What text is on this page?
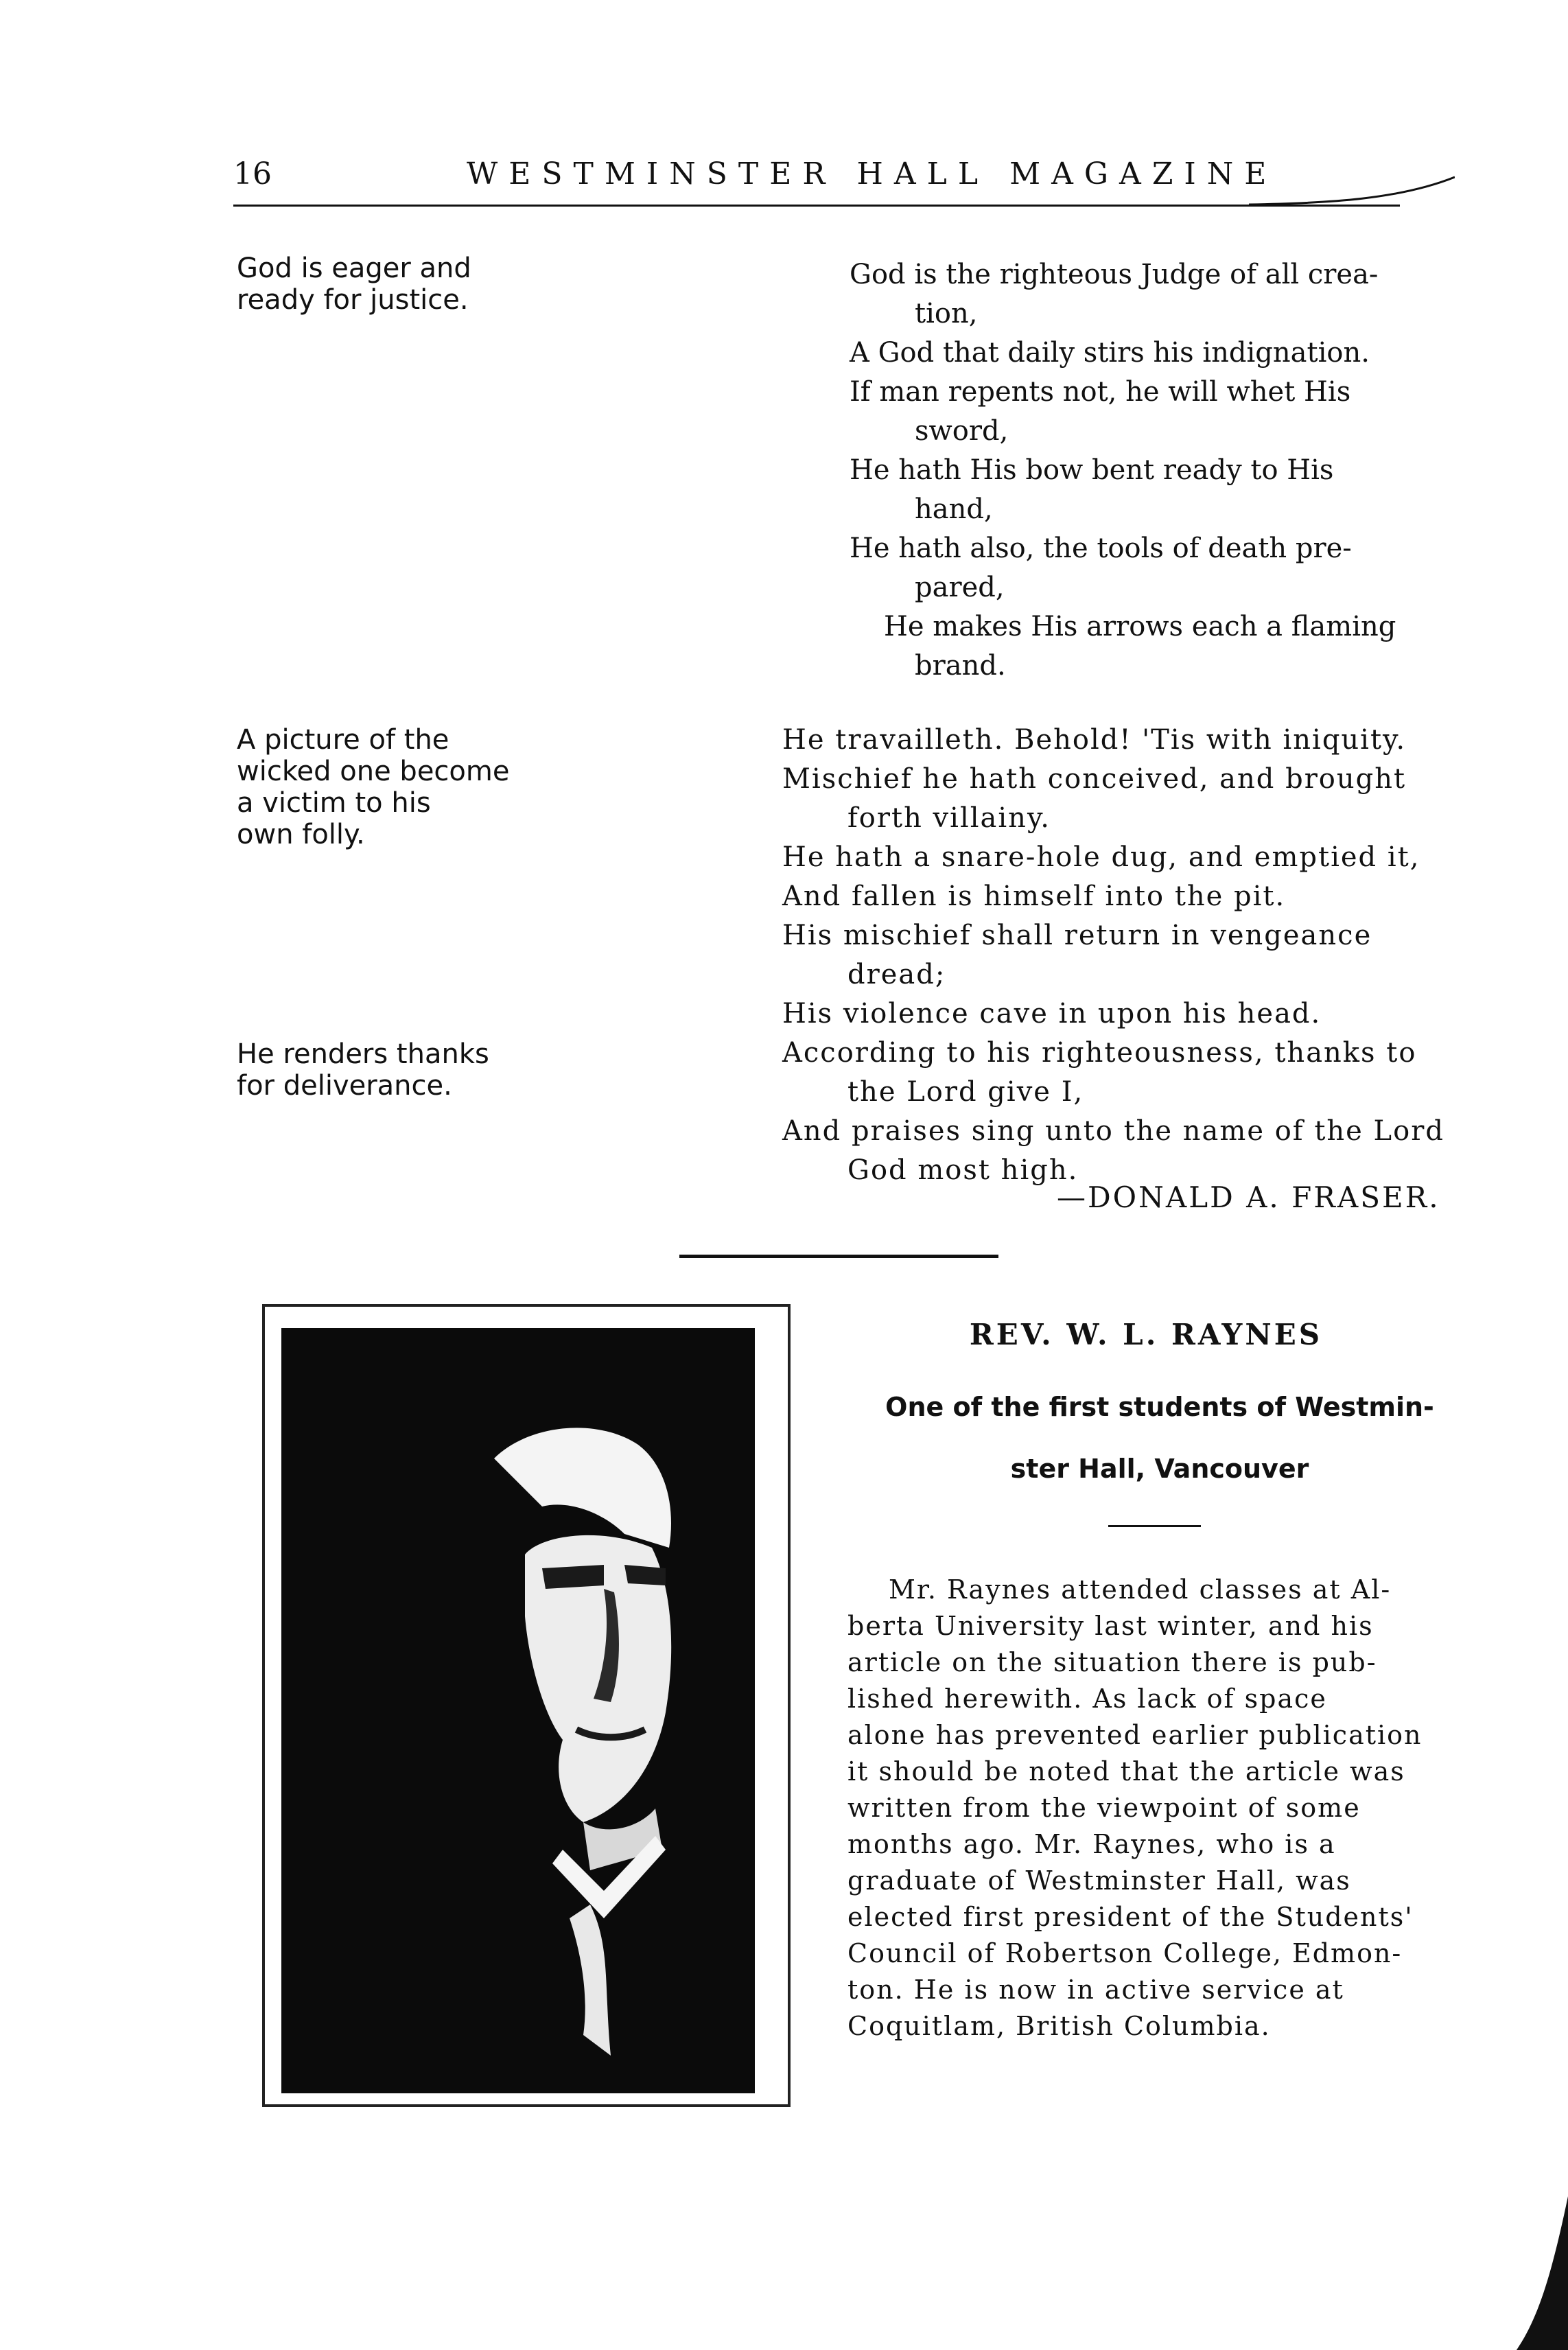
16	WESTMINSTER HALL MAGAZINE
God is eager and
ready for justice.
A picture of the
wicked one become
a victim to his
own folly.
He renders thanks
for deliverance.
God is the righteous Judge of all crea-
tion,
A God that daily stirs his indignation.
If man repents not, he will whet His
sword,
He hath His bow bent ready to His
hand,
He hath also, the tools of death pre-
pared,
He makes His arrows each a flaming
brand.
He travailleth. Behold! 'Tis with iniquity.
Mischief he hath conceived, and brought
forth villainy.
He hath a snare-hole dug, and emptied it,
And fallen is himself into the pit.
His mischief shall return in vengeance
dread;
His violence cave in upon his head.
According to his righteousness, thanks to
the Lord give I,
And praises sing unto the name of the Lord
God most high.
—DONALD A. FRASER.
REV. W. L. RAYNES
One of the first students of Westmin-
ster Hall, Vancouver
Mr. Raynes attended classes at Al-
berta University last winter, and his
article on the situation there is pub-
lished herewith. As lack of space
alone has prevented earlier publication
it should be noted that the article was
written from the viewpoint of some
months ago. Mr. Raynes, who is a
graduate of Westminster Hall, was
elected first president of the Students'
Council of Robertson College, Edmon-
ton. He is now in active service at
Coquitlam, British Columbia.
